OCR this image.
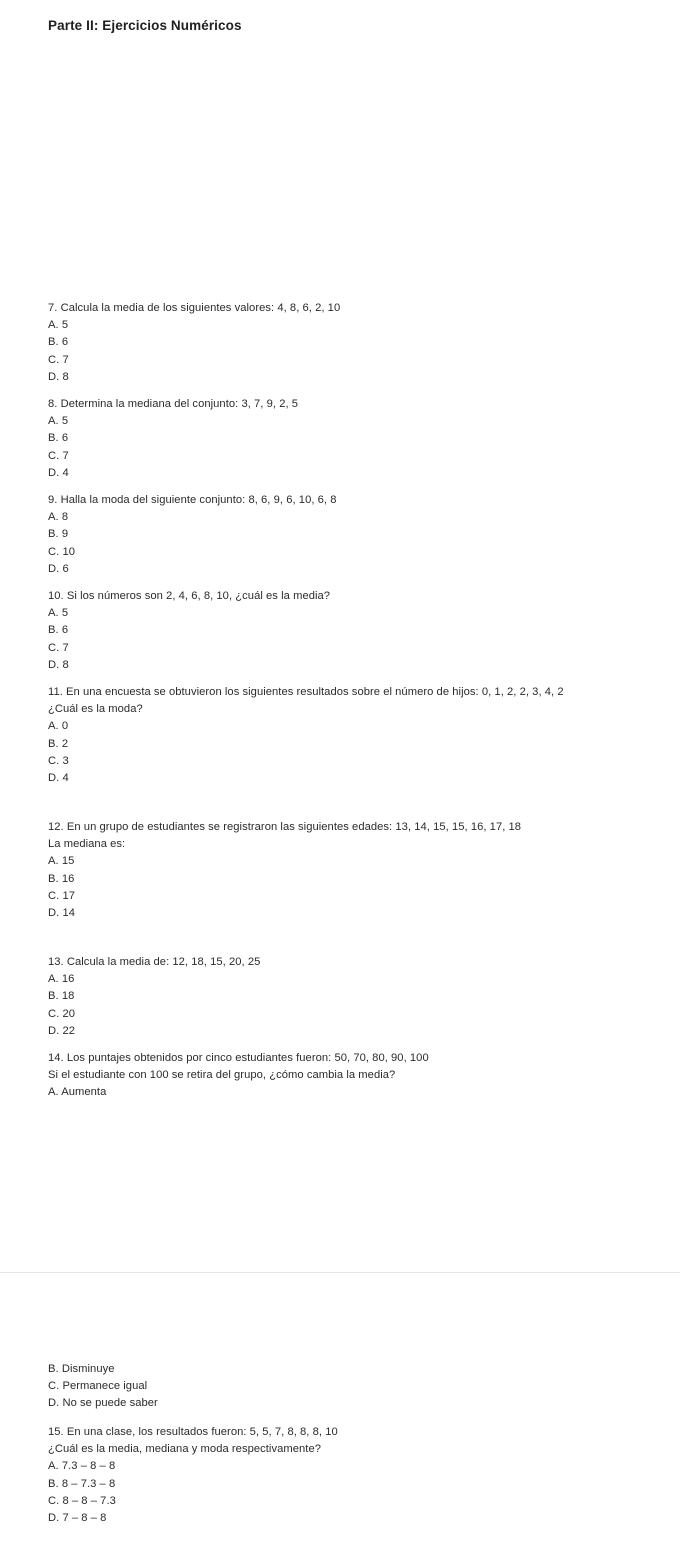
Parte II: Ejercicios Numéricos
7. Calcula la media de los siguientes valores: 4, 8, 6, 2, 10
A. 5
B. 6
C. 7
D. 8
8. Determina la mediana del conjunto: 3, 7, 9, 2, 5
A. 5
B. 6
C. 7
D. 4
9. Halla la moda del siguiente conjunto: 8, 6, 9, 6, 10, 6, 8
A. 8
B. 9
C. 10
D. 6
10. Si los números son 2, 4, 6, 8, 10, ¿cuál es la media?
A. 5
B. 6
C. 7
D. 8
11. En una encuesta se obtuvieron los siguientes resultados sobre el número de hijos: 0, 1, 2, 2, 3, 4, 2
¿Cuál es la moda?
A. 0
B. 2
C. 3
D. 4
12. En un grupo de estudiantes se registraron las siguientes edades: 13, 14, 15, 15, 16, 17, 18
La mediana es:
A. 15
B. 16
C. 17
D. 14
13. Calcula la media de: 12, 18, 15, 20, 25
A. 16
B. 18
C. 20
D. 22
14. Los puntajes obtenidos por cinco estudiantes fueron: 50, 70, 80, 90, 100
Si el estudiante con 100 se retira del grupo, ¿cómo cambia la media?
A. Aumenta
B. Disminuye
C. Permanece igual
D. No se puede saber
15. En una clase, los resultados fueron: 5, 5, 7, 8, 8, 8, 10
¿Cuál es la media, mediana y moda respectivamente?
A. 7.3 – 8 – 8
B. 8 – 7.3 – 8
C. 8 – 8 – 7.3
D. 7 – 8 – 8
